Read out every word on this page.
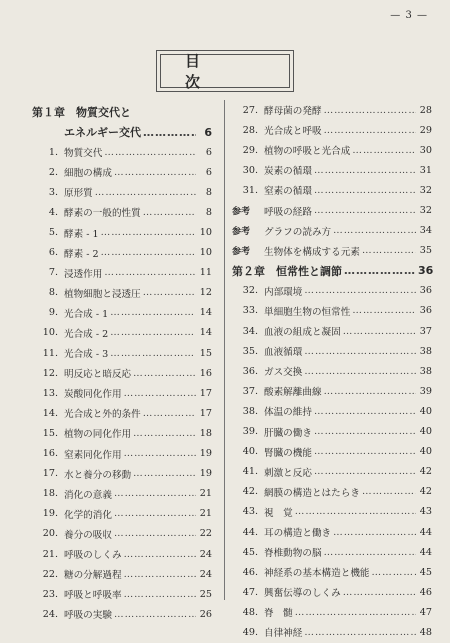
— 3 —
目　次
第１章　物質交代と
エネルギー交代 ……………………………………………………………………………………	6
1. 物質交代 ……………………………………………………………………………………	6
2. 細胞の構成 ……………………………………………………………………………………	6
3. 原形質 ……………………………………………………………………………………	8
4. 酵素の一般的性質 ……………………………………………………………………………………	8
5. 酵素 - 1 ……………………………………………………………………………………	10
6. 酵素 - 2 ……………………………………………………………………………………	10
7. 浸透作用 ……………………………………………………………………………………	11
8. 植物細胞と浸透圧 ……………………………………………………………………………………	12
9. 光合成 - 1 ……………………………………………………………………………………	14
10. 光合成 - 2 ……………………………………………………………………………………	14
11. 光合成 - 3 ……………………………………………………………………………………	15
12. 明反応と暗反応 ……………………………………………………………………………………	16
13. 炭酸同化作用 ……………………………………………………………………………………	17
14. 光合成と外的条件 ……………………………………………………………………………………	17
15. 植物の同化作用 ……………………………………………………………………………………	18
16. 窒素同化作用 ……………………………………………………………………………………	19
17. 水と養分の移動 ……………………………………………………………………………………	19
18. 消化の意義 ……………………………………………………………………………………	21
19. 化学的消化 ……………………………………………………………………………………	21
20. 養分の吸収 ……………………………………………………………………………………	22
21. 呼吸のしくみ ……………………………………………………………………………………	24
22. 糖の分解過程 ……………………………………………………………………………………	24
23. 呼吸と呼吸率 ……………………………………………………………………………………	25
24. 呼吸の実験 ……………………………………………………………………………………	26
27. 酵母菌の発酵 ……………………………………………………………………………………	28
28. 光合成と呼吸 ……………………………………………………………………………………	29
29. 植物の呼吸と光合成 ……………………………………………………………………………………	30
30. 炭素の循環 ……………………………………………………………………………………	31
31. 窒素の循環 ……………………………………………………………………………………	32
参考	呼吸の経路 ……………………………………………………………………………………	32
参考	グラフの読み方 ……………………………………………………………………………………	34
参考	生物体を構成する元素 ……………………………………………………………………………………	35
第２章　恒常性と調節 ……………………………………………………………………………………	36
32. 内部環境 ……………………………………………………………………………………	36
33. 単細胞生物の恒常性 ……………………………………………………………………………………	36
34. 血液の組成と凝固 ……………………………………………………………………………………	37
35. 血液循環 ……………………………………………………………………………………	38
36. ガス交換 ……………………………………………………………………………………	38
37. 酸素解離曲線 ……………………………………………………………………………………	39
38. 体温の維持 ……………………………………………………………………………………	40
39. 肝臓の働き ……………………………………………………………………………………	40
40. 腎臓の機能 ……………………………………………………………………………………	40
41. 刺激と反応 ……………………………………………………………………………………	42
42. 網膜の構造とはたらき ……………………………………………………………………………………	42
43. 視　覚 ……………………………………………………………………………………	43
44. 耳の構造と働き ……………………………………………………………………………………	44
45. 脊椎動物の脳 ……………………………………………………………………………………	44
46. 神経系の基本構造と機能 ……………………………………………………………………………………	45
47. 興奮伝導のしくみ ……………………………………………………………………………………	46
48. 脊　髄 ……………………………………………………………………………………	47
49. 自律神経 ……………………………………………………………………………………	48
